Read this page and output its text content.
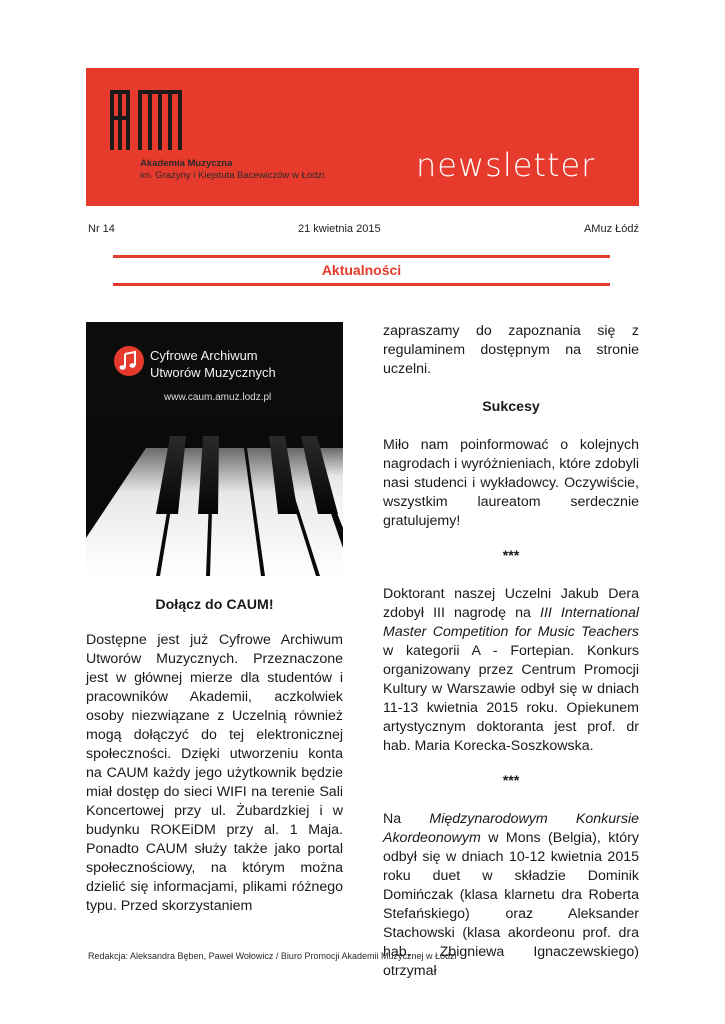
Akademia Muzyczna
im. Grażyny i Kiejstuta Bacewiczów w Łodzi	newsletter
Nr 14	21 kwietnia 2015	AMuz Łódź
Aktualności
Cyfrowe Archiwum
Utworów Muzycznych
www.caum.amuz.lodz.pl

Dołącz do CAUM!

Dostępne jest już Cyfrowe Archiwum Utworów Muzycznych. Przeznaczone jest w głównej mierze dla studentów i pracowników Akademii, aczkolwiek osoby niezwiązane z Uczelnią również mogą dołączyć do tej elektronicznej społeczności. Dzięki utworzeniu konta na CAUM każdy jego użytkownik będzie miał dostęp do sieci WIFI na terenie Sali Koncertowej przy ul. Żubardzkiej i w budynku ROKEiDM przy al. 1 Maja. Ponadto CAUM służy także jako portal społecznościowy, na którym można dzielić się informacjami, plikami różnego typu. Przed skorzystaniem

zapraszamy do zapoznania się z regulaminem dostępnym na stronie uczelni.

Sukcesy

Miło nam poinformować o kolejnych nagrodach i wyróżnieniach, które zdobyli nasi studenci i wykładowcy. Oczywiście, wszystkim laureatom serdecznie gratulujemy!

***

Doktorant naszej Uczelni Jakub Dera zdobył III nagrodę na III International Master Competition for Music Teachers w kategorii A - Fortepian. Konkurs organizowany przez Centrum Promocji Kultury w Warszawie odbył się w dniach 11-13 kwietnia 2015 roku. Opiekunem artystycznym doktoranta jest prof. dr hab. Maria Korecka-Soszkowska.

***

Na Międzynarodowym Konkursie Akordeonowym w Mons (Belgia), który odbył się w dniach 10-12 kwietnia 2015 roku duet w składzie Dominik Domińczak (klasa klarnetu dra Roberta Stefańskiego) oraz Aleksander Stachowski (klasa akordeonu prof. dra hab. Zbigniewa Ignaczewskiego) otrzymał

Redakcja: Aleksandra Bęben, Paweł Wołowicz / Biuro Promocji Akademii Muzycznej w Łodzi
